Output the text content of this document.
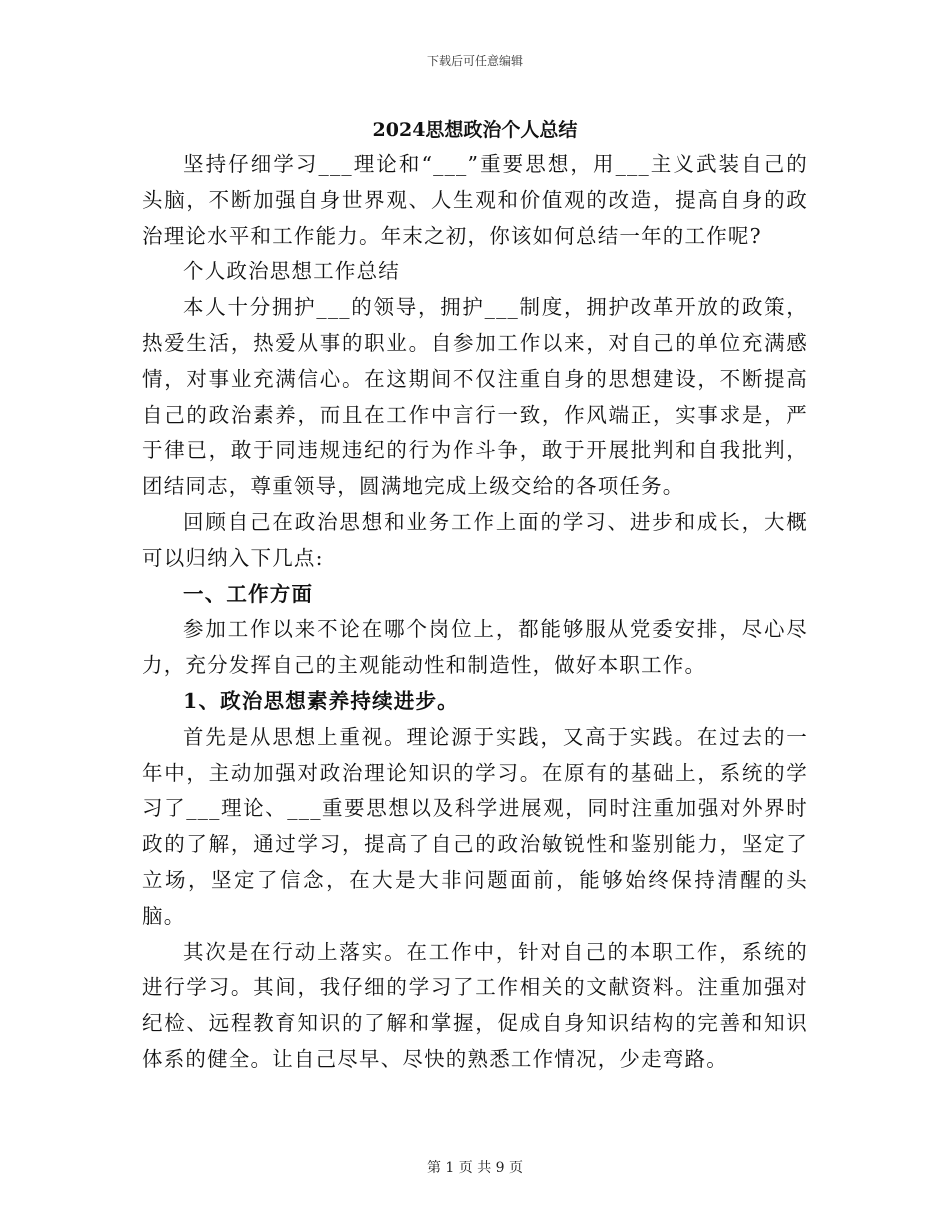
下载后可任意编辑
2024思想政治个人总结

坚持仔细学习___理论和“___”重要思想，用___主义武装自己的头脑，不断加强自身世界观、人生观和价值观的改造，提高自身的政治理论水平和工作能力。年末之初，你该如何总结一年的工作呢?

个人政治思想工作总结

本人十分拥护___的领导，拥护___制度，拥护改革开放的政策，热爱生活，热爱从事的职业。自参加工作以来，对自己的单位充满感情，对事业充满信心。在这期间不仅注重自身的思想建设，不断提高自己的政治素养，而且在工作中言行一致，作风端正，实事求是，严于律已，敢于同违规违纪的行为作斗争，敢于开展批判和自我批判，团结同志，尊重领导，圆满地完成上级交给的各项任务。

回顾自己在政治思想和业务工作上面的学习、进步和成长，大概可以归纳入下几点:

一、工作方面

参加工作以来不论在哪个岗位上，都能够服从党委安排，尽心尽力，充分发挥自己的主观能动性和制造性，做好本职工作。

1、政治思想素养持续进步。

首先是从思想上重视。理论源于实践，又高于实践。在过去的一年中，主动加强对政治理论知识的学习。在原有的基础上，系统的学习了___理论、___重要思想以及科学进展观，同时注重加强对外界时政的了解，通过学习，提高了自己的政治敏锐性和鉴别能力，坚定了立场，坚定了信念，在大是大非问题面前，能够始终保持清醒的头脑。

其次是在行动上落实。在工作中，针对自己的本职工作，系统的进行学习。其间，我仔细的学习了工作相关的文献资料。注重加强对纪检、远程教育知识的了解和掌握，促成自身知识结构的完善和知识体系的健全。让自己尽早、尽快的熟悉工作情况，少走弯路。

第 1 页 共 9 页
